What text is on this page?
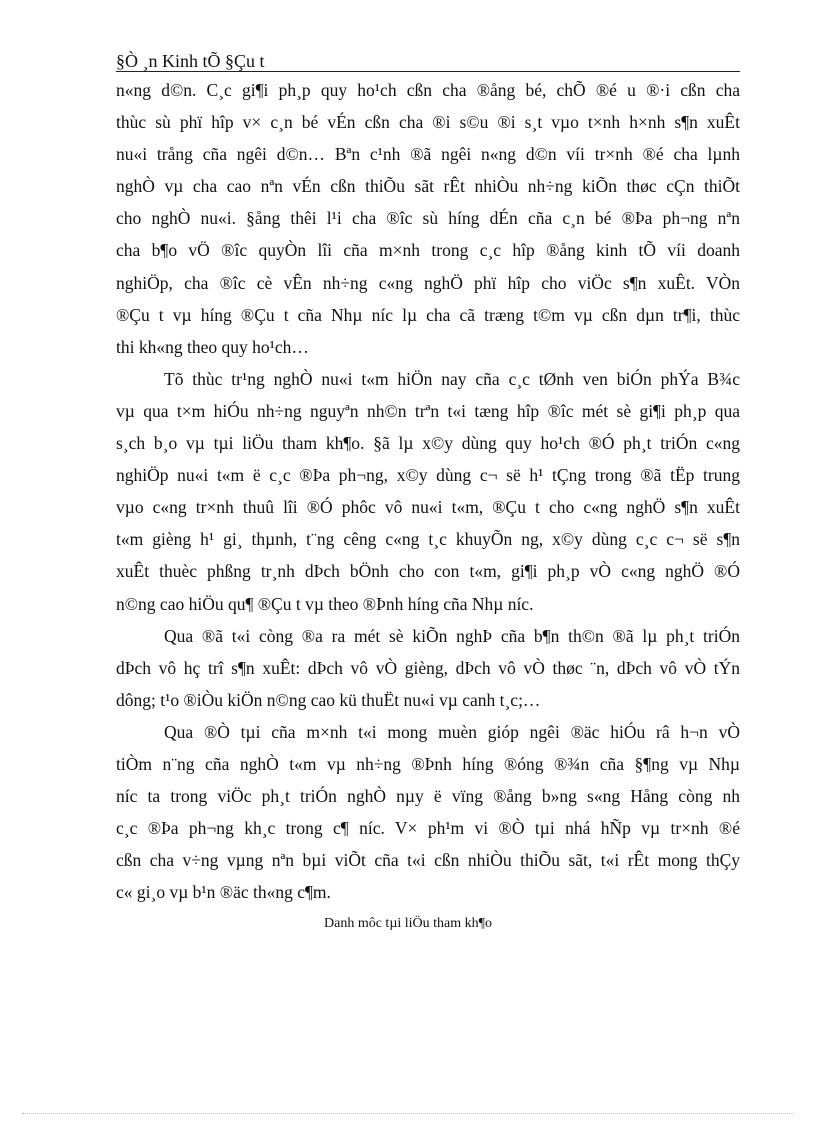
§Ò ¸n Kinh tÕ §Çu t
n«ng d©n. C¸c gi¶i ph¸p quy ho¹ch cßn cha ®ång bé, chÕ ®é u ®·i cßn cha
thùc sù phï hîp v× c¸n bé vÉn cßn cha ®i s©u ®i s¸t vµo t×nh h×nh s¶n xuÊt
nu«i trång cña ngêi d©n… Bªn c¹nh ®ã ngêi n«ng d©n víi tr×nh ®é cha lµnh
nghÒ vµ cha cao nªn vÉn cßn thiÕu sãt rÊt nhiÒu nh÷ng kiÕn thøc cÇn thiÕt
cho nghÒ nu«i. §ång thêi l¹i cha ®îc sù híng dÉn cña c¸n bé ®Þa ph¬ng nªn
cha b¶o vÖ ®îc quyÒn lîi cña m×nh trong c¸c hîp ®ång kinh tÕ víi doanh
nghiÖp, cha ®îc cè vÊn nh÷ng c«ng nghÖ phï hîp cho viÖc s¶n xuÊt. VÒn
®Çu t vµ híng ®Çu t cña Nhµ níc lµ cha cã træng t©m vµ cßn dµn tr¶i, thùc
thi kh«ng theo quy ho¹ch…
Tõ thùc tr¹ng nghÒ nu«i t«m hiÖn nay cña c¸c tØnh ven biÓn phÝa B¾c
vµ qua t×m hiÓu nh÷ng nguyªn nh©n trªn t«i tæng hîp ®îc mét sè gi¶i ph¸p qua
s¸ch b¸o vµ tµi liÖu tham kh¶o. §ã lµ x©y dùng quy ho¹ch ®Ó ph¸t triÓn c«ng
nghiÖp nu«i t«m ë c¸c ®Þa ph¬ng, x©y dùng c¬ së h¹ tÇng trong ®ã tËp trung
vµo c«ng tr×nh thuû lîi ®Ó phôc vô nu«i t«m, ®Çu t cho c«ng nghÖ s¶n xuÊt
t«m gièng h¹ gi¸ thµnh, t¨ng cêng c«ng t¸c khuyÕn ng, x©y dùng c¸c c¬ së s¶n
xuÊt thuèc phßng tr¸nh dÞch bÖnh cho con t«m, gi¶i ph¸p vÒ c«ng nghÖ ®Ó
n©ng cao hiÖu qu¶ ®Çu t vµ theo ®Þnh híng cña Nhµ níc.
Qua ®ã t«i còng ®a ra mét sè kiÕn nghÞ cña b¶n th©n ®ã lµ ph¸t triÓn
dÞch vô hç trî s¶n xuÊt: dÞch vô vÒ gièng, dÞch vô vÒ thøc ¨n, dÞch vô vÒ tÝn
dông; t¹o ®iÒu kiÖn n©ng cao kü thuËt nu«i vµ canh t¸c;…
Qua ®Ò tµi cña m×nh t«i mong muèn gióp ngêi ®äc hiÓu râ h¬n vÒ
tiÒm n¨ng cña nghÒ t«m vµ nh÷ng ®Þnh híng ®óng ®¾n cña §¶ng vµ Nhµ
níc ta trong viÖc ph¸t triÓn nghÒ nµy ë vïng ®ång b»ng s«ng Hång còng nh
c¸c ®Þa ph¬ng kh¸c trong c¶ níc. V× ph¹m vi ®Ò tµi nhá hÑp vµ tr×nh ®é
cßn cha v÷ng vµng nªn bµi viÕt cña t«i cßn nhiÒu thiÕu sãt, t«i rÊt mong thÇy
c« gi¸o vµ b¹n ®äc th«ng c¶m.
Danh môc tµi liÖu tham kh¶o
